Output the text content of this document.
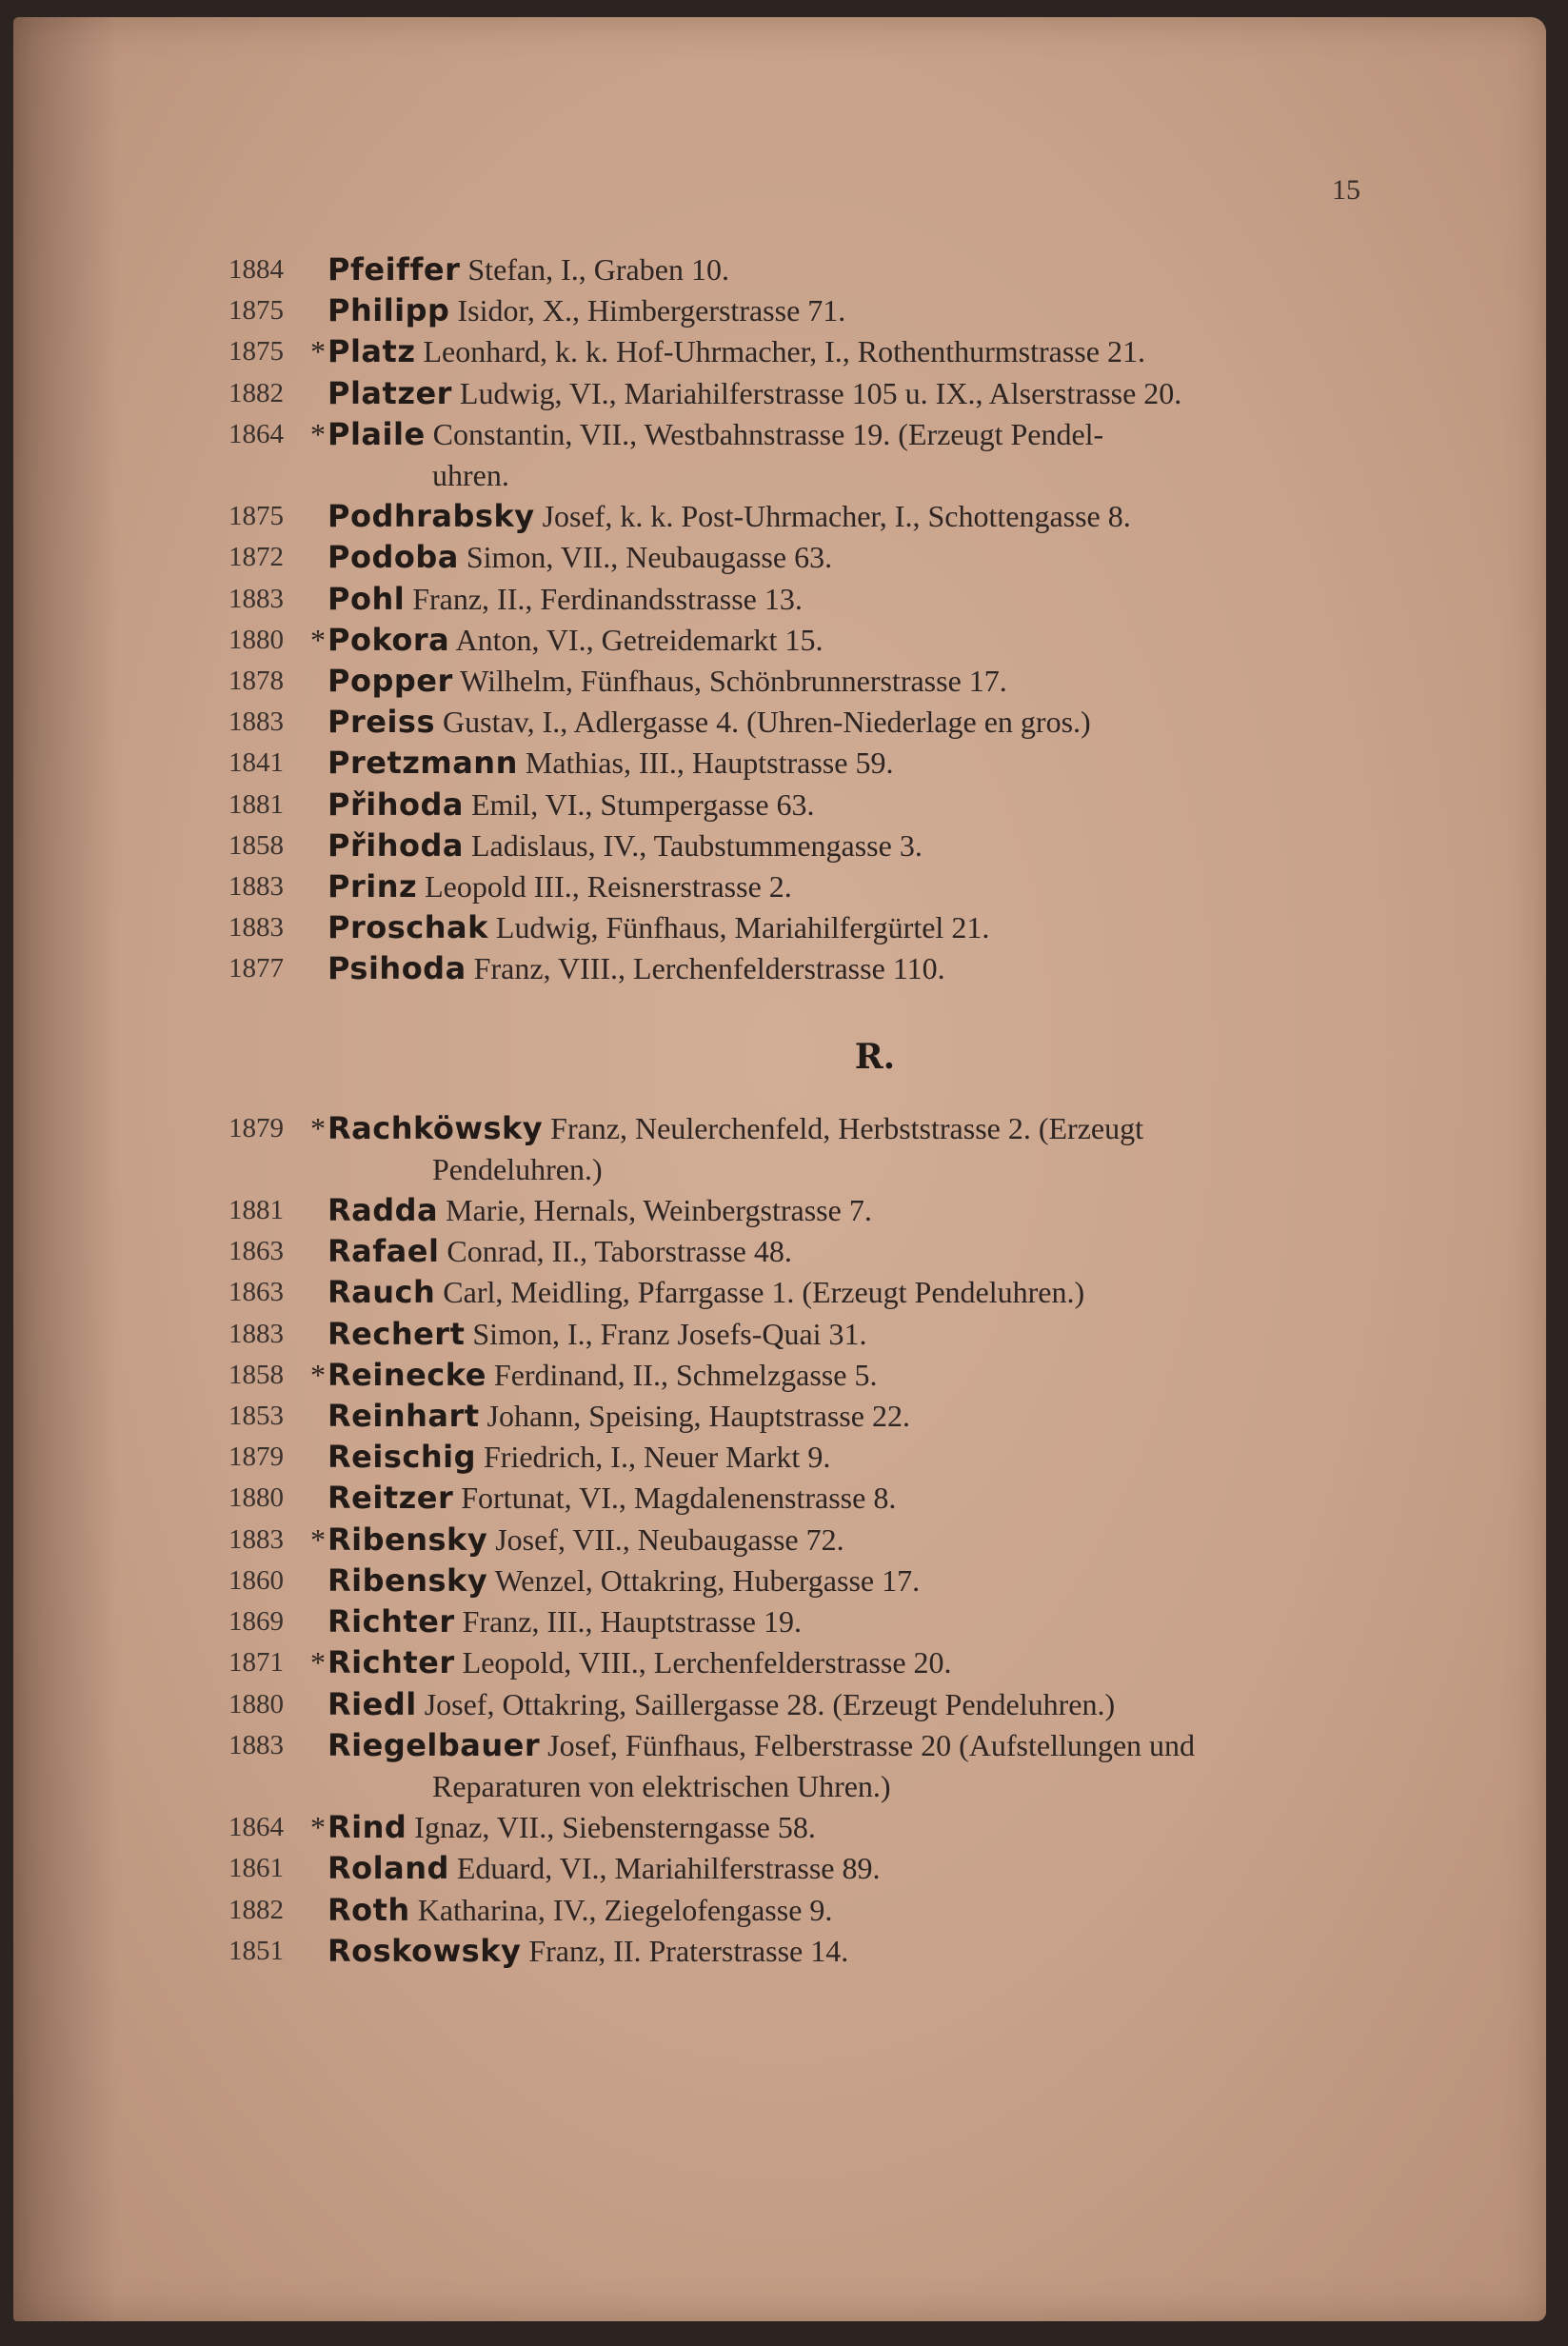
15
1884 Pfeiffer Stefan, I., Graben 10.
1875 Philipp Isidor, X., Himbergerstrasse 71.
1875 * Platz Leonhard, k. k. Hof-Uhrmacher, I., Rothenthurmstrasse 21.
1882 Platzer Ludwig, VI., Mariahilferstrasse 105 u. IX., Alserstrasse 20.
1864 * Plaile Constantin, VII., Westbahnstrasse 19. (Erzeugt Pendel-
uhren.
1875 Podhrabsky Josef, k. k. Post-Uhrmacher, I., Schottengasse 8.
1872 Podoba Simon, VII., Neubaugasse 63.
1883 Pohl Franz, II., Ferdinandsstrasse 13.
1880 * Pokora Anton, VI., Getreidemarkt 15.
1878 Popper Wilhelm, Fünfhaus, Schönbrunnerstrasse 17.
1883 Preiss Gustav, I., Adlergasse 4. (Uhren-Niederlage en gros.)
1841 Pretzmann Mathias, III., Hauptstrasse 59.
1881 Přihoda Emil, VI., Stumpergasse 63.
1858 Přihoda Ladislaus, IV., Taubstummengasse 3.
1883 Prinz Leopold III., Reisnerstrasse 2.
1883 Proschak Ludwig, Fünfhaus, Mariahilfergürtel 21.
1877 Psihoda Franz, VIII., Lerchenfelderstrasse 110.
R.
1879 * Rachköwsky Franz, Neulerchenfeld, Herbststrasse 2. (Erzeugt
Pendeluhren.)
1881 Radda Marie, Hernals, Weinbergstrasse 7.
1863 Rafael Conrad, II., Taborstrasse 48.
1863 Rauch Carl, Meidling, Pfarrgasse 1. (Erzeugt Pendeluhren.)
1883 Rechert Simon, I., Franz Josefs-Quai 31.
1858 * Reinecke Ferdinand, II., Schmelzgasse 5.
1853 Reinhart Johann, Speising, Hauptstrasse 22.
1879 Reischig Friedrich, I., Neuer Markt 9.
1880 Reitzer Fortunat, VI., Magdalenenstrasse 8.
1883 * Ribensky Josef, VII., Neubaugasse 72.
1860 Ribensky Wenzel, Ottakring, Hubergasse 17.
1869 Richter Franz, III., Hauptstrasse 19.
1871 * Richter Leopold, VIII., Lerchenfelderstrasse 20.
1880 Riedl Josef, Ottakring, Saillergasse 28. (Erzeugt Pendeluhren.)
1883 Riegelbauer Josef, Fünfhaus, Felberstrasse 20 (Aufstellungen und
Reparaturen von elektrischen Uhren.)
1864 * Rind Ignaz, VII., Siebensterngasse 58.
1861 Roland Eduard, VI., Mariahilferstrasse 89.
1882 Roth Katharina, IV., Ziegelofengasse 9.
1851 Roskowsky Franz, II. Praterstrasse 14.
